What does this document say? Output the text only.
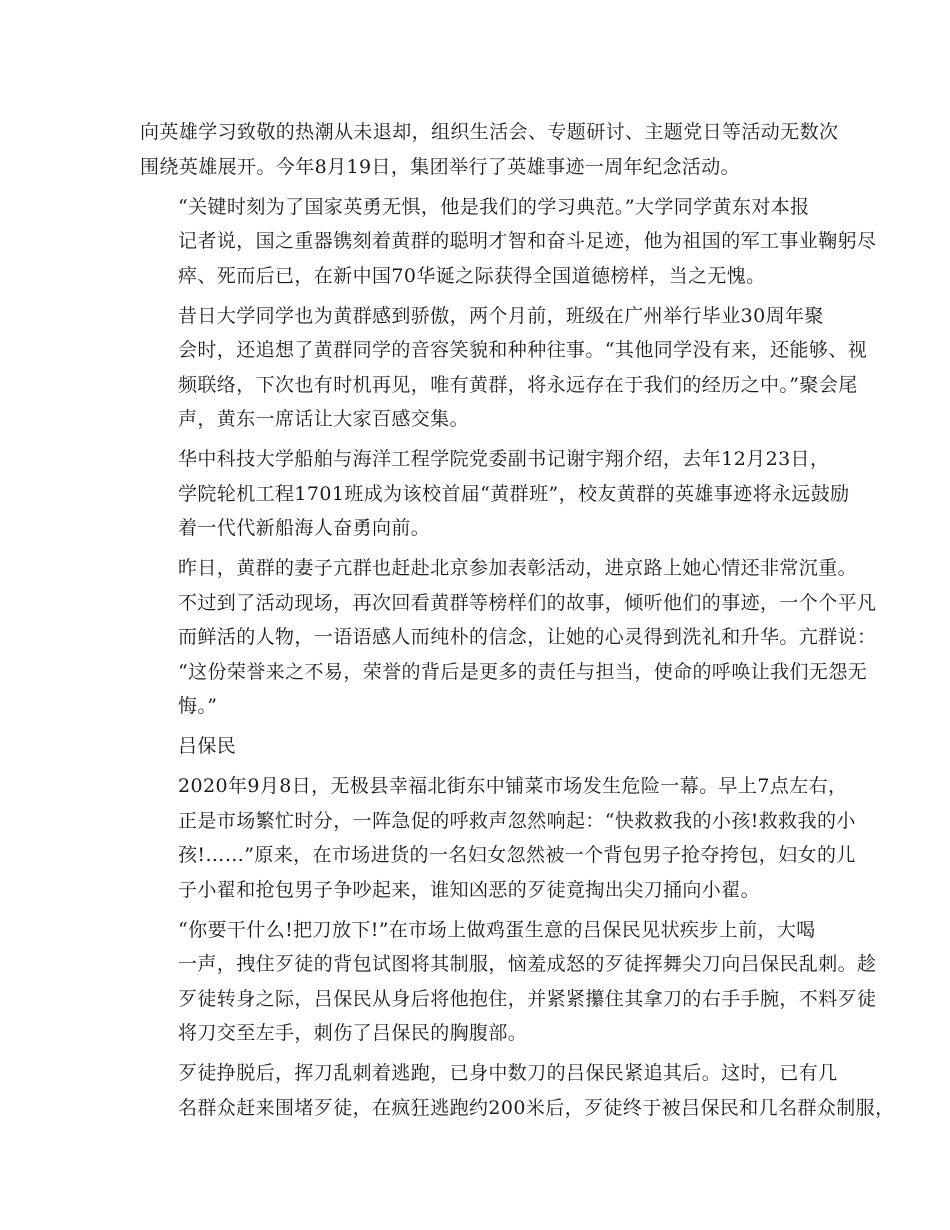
向英雄学习致敬的热潮从未退却，组织生活会、专题研讨、主题党日等活动无数次
围绕英雄展开。今年8月19日，集团举行了英雄事迹一周年纪念活动。

“关键时刻为了国家英勇无惧，他是我们的学习典范。”大学同学黄东对本报
记者说，国之重器镌刻着黄群的聪明才智和奋斗足迹，他为祖国的军工事业鞠躬尽
瘁、死而后已，在新中国70华诞之际获得全国道德榜样，当之无愧。

昔日大学同学也为黄群感到骄傲，两个月前，班级在广州举行毕业30周年聚
会时，还追想了黄群同学的音容笑貌和种种往事。“其他同学没有来，还能够、视
频联络，下次也有时机再见，唯有黄群，将永远存在于我们的经历之中。”聚会尾
声，黄东一席话让大家百感交集。

华中科技大学船舶与海洋工程学院党委副书记谢宇翔介绍，去年12月23日，
学院轮机工程1701班成为该校首届“黄群班”，校友黄群的英雄事迹将永远鼓励
着一代代新船海人奋勇向前。

昨日，黄群的妻子亢群也赶赴北京参加表彰活动，进京路上她心情还非常沉重。
不过到了活动现场，再次回看黄群等榜样们的故事，倾听他们的事迹，一个个平凡
而鲜活的人物，一语语感人而纯朴的信念，让她的心灵得到洗礼和升华。亢群说：
“这份荣誉来之不易，荣誉的背后是更多的责任与担当，使命的呼唤让我们无怨无
悔。”

吕保民

2020年9月8日，无极县幸福北街东中铺菜市场发生危险一幕。早上7点左右，
正是市场繁忙时分，一阵急促的呼救声忽然响起：“快救救我的小孩!救救我的小
孩!……”原来，在市场进货的一名妇女忽然被一个背包男子抢夺挎包，妇女的儿
子小翟和抢包男子争吵起来，谁知凶恶的歹徒竟掏出尖刀捅向小翟。

“你要干什么!把刀放下!”在市场上做鸡蛋生意的吕保民见状疾步上前，大喝
一声，拽住歹徒的背包试图将其制服，恼羞成怒的歹徒挥舞尖刀向吕保民乱刺。趁
歹徒转身之际，吕保民从身后将他抱住，并紧紧攥住其拿刀的右手手腕，不料歹徒
将刀交至左手，刺伤了吕保民的胸腹部。

歹徒挣脱后，挥刀乱刺着逃跑，已身中数刀的吕保民紧追其后。这时，已有几
名群众赶来围堵歹徒，在疯狂逃跑约200米后，歹徒终于被吕保民和几名群众制服，
